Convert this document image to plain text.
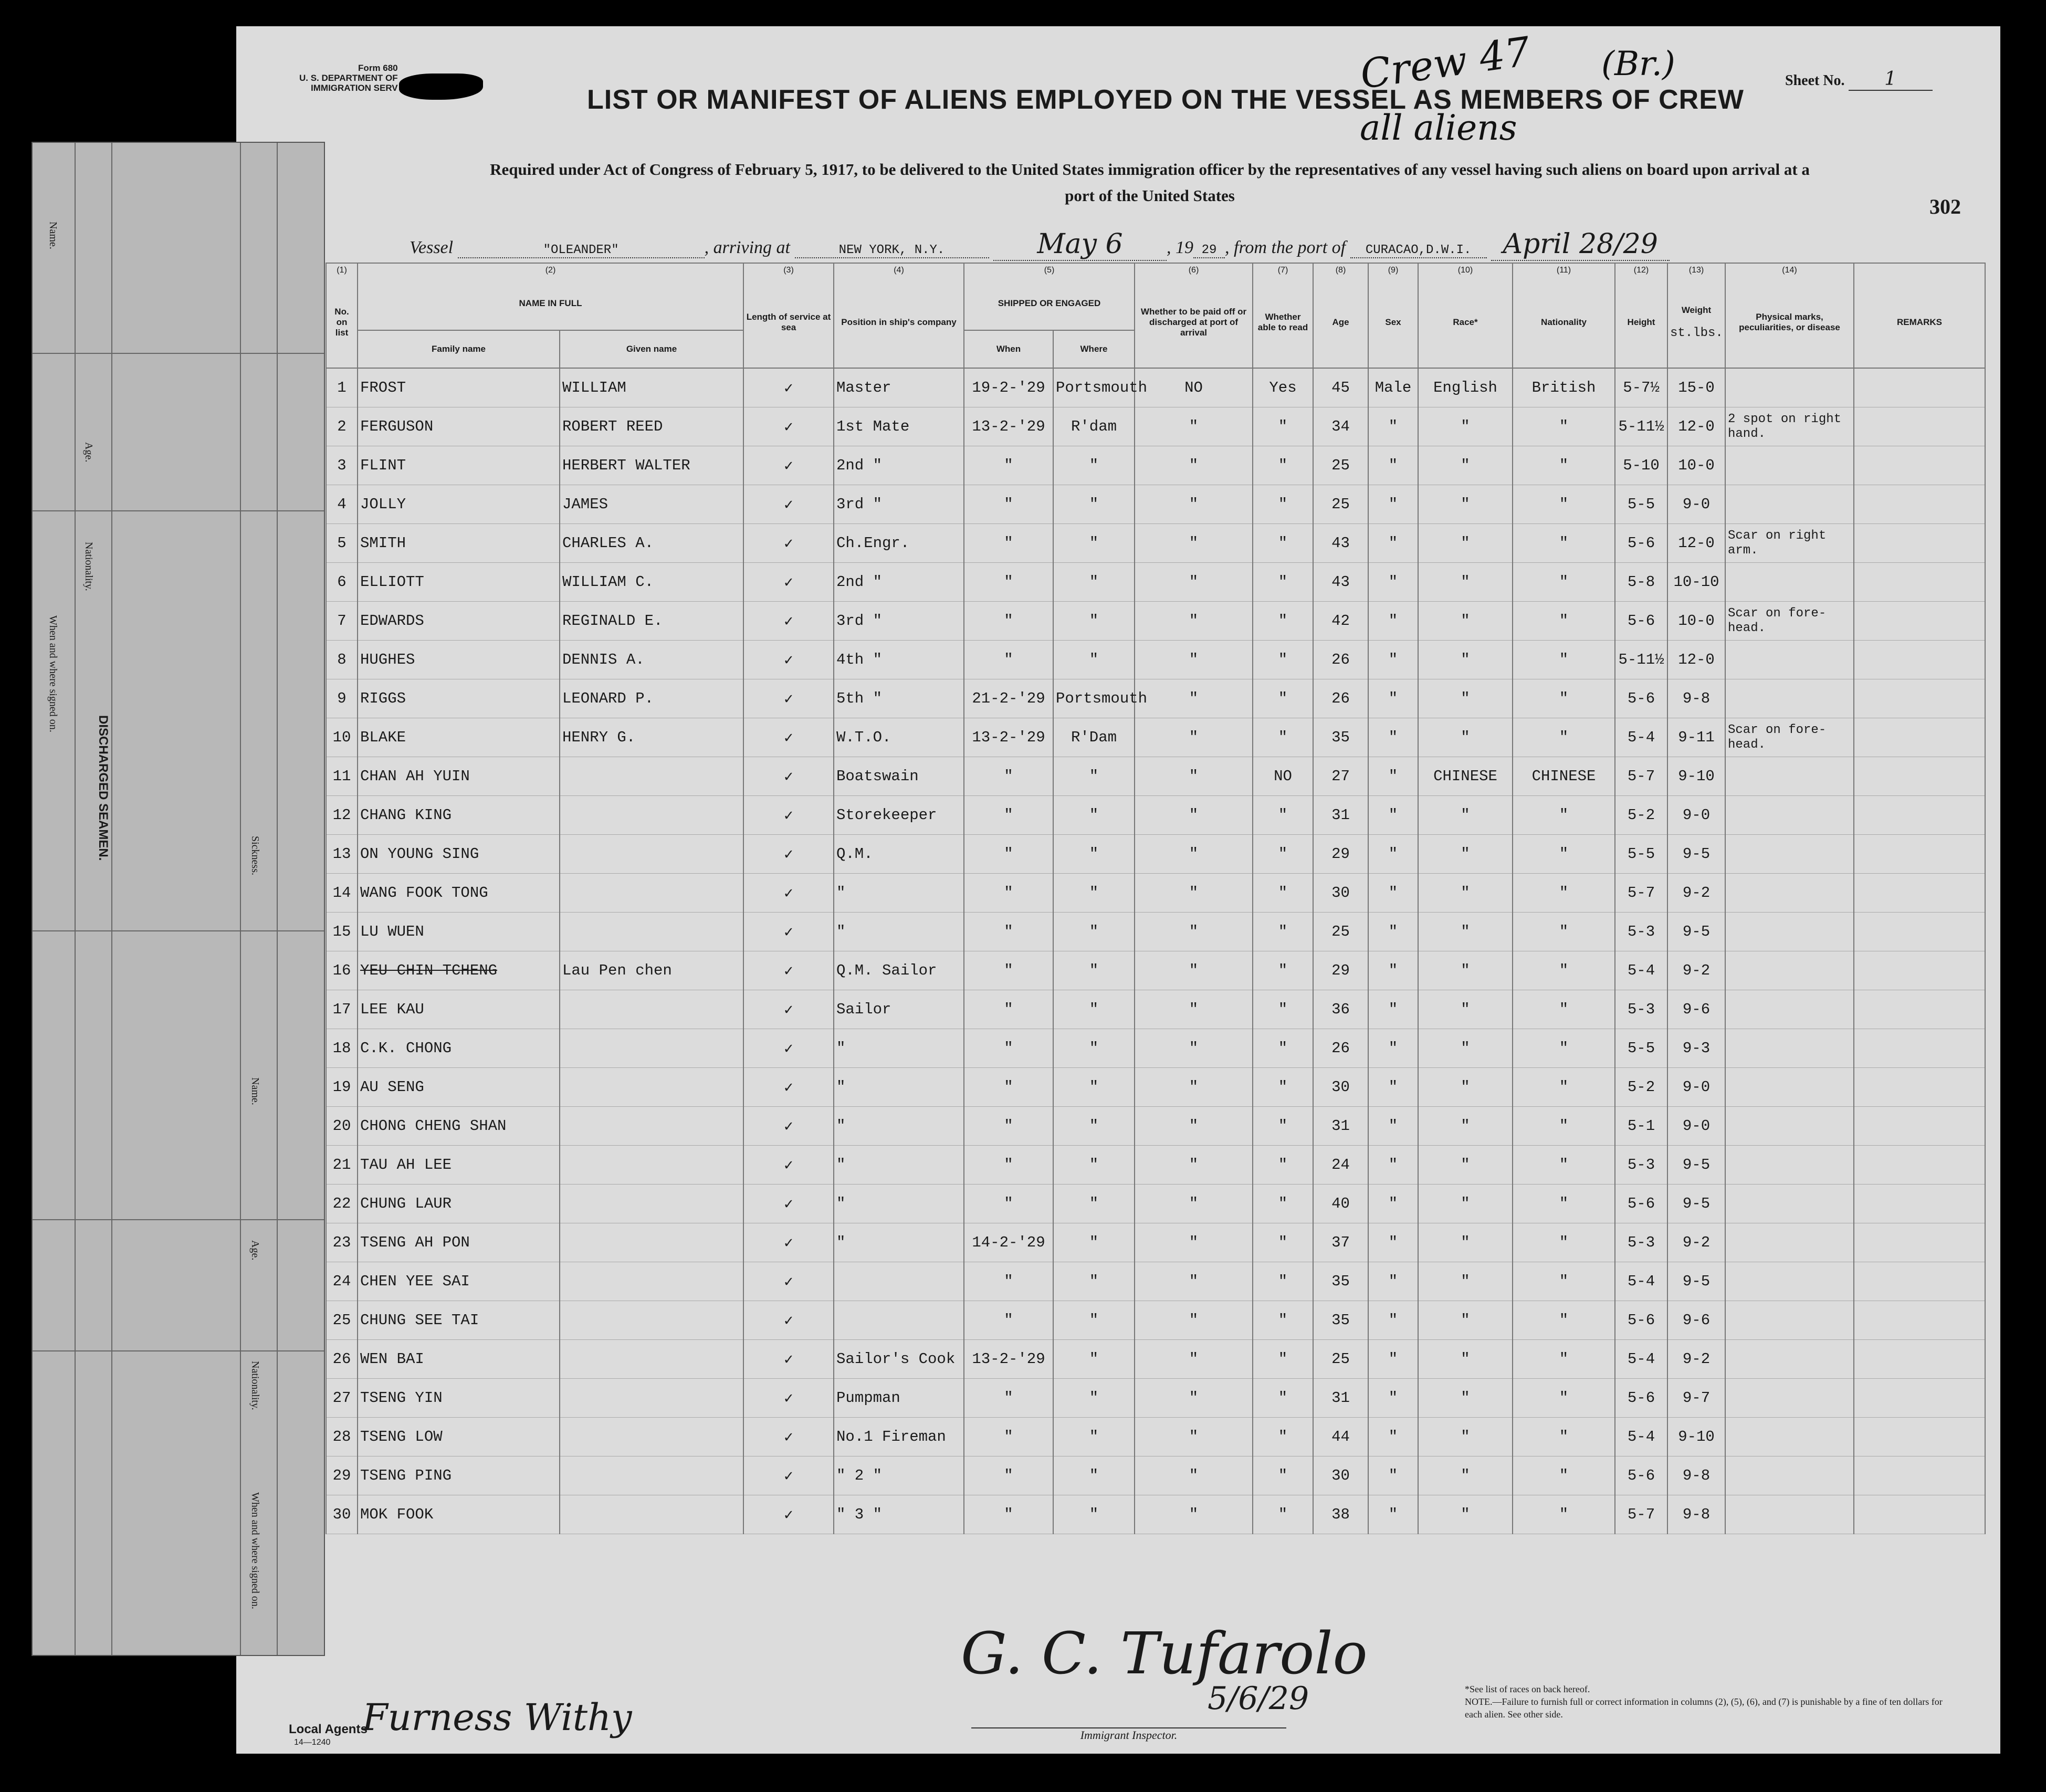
Form 680
U. S. DEPARTMENT OF
IMMIGRATION SERV	Crew 47 (Br.)
all aliens
Sheet No. 1
LIST OR MANIFEST OF ALIENS EMPLOYED ON THE VESSEL AS MEMBERS OF CREW
Required under Act of Congress of February 5, 1917, to be delivered to the United States immigration officer by the representatives of any vessel having such aliens on board upon arrival at a
port of the United States	302
Vessel	"OLEANDER"	, arriving at	NEW YORK, N.Y.	May 6 , 19 29 , from the port of CURACAO,D.W.I. April 28/29
(1)	(2)		(3)	(4)	(5)		(6)	(7)	(8)	(9)	(10)	(11)	(12)	(13)	(14)	
No. on list	NAME IN FULL		Length of service at sea	Position in ship's company	SHIPPED OR ENGAGED		Whether to be paid off or discharged at port of arrival	Whether able to read	Age	Sex	Race*	Nationality	Height	Weight

st.lbs.	Physical marks, peculiarities, or disease	REMARKS
	Family name	Given name			When	Where										
1	FROST	WILLIAM	✓	Master	19-2-'29	Portsmouth	NO	Yes	45	Male	English	British	5-7½	15-0		
2	FERGUSON	ROBERT REED	✓	1st Mate	13-2-'29	R'dam	"	"	34	"	"	"	5-11½	12-0	2 spot on right hand.	
3	FLINT	HERBERT WALTER	✓	2nd "	"	"	"	"	25	"	"	"	5-10	10-0		
4	JOLLY	JAMES	✓	3rd "	"	"	"	"	25	"	"	"	5-5	9-0		
5	SMITH	CHARLES A.	✓	Ch.Engr.	"	"	"	"	43	"	"	"	5-6	12-0	Scar on right arm.	
6	ELLIOTT	WILLIAM C.	✓	2nd "	"	"	"	"	43	"	"	"	5-8	10-10		
7	EDWARDS	REGINALD E.	✓	3rd "	"	"	"	"	42	"	"	"	5-6	10-0	Scar on fore- head.	
8	HUGHES	DENNIS A.	✓	4th "	"	"	"	"	26	"	"	"	5-11½	12-0		
9	RIGGS	LEONARD P.	✓	5th "	21-2-'29	Portsmouth	"	"	26	"	"	"	5-6	9-8		
10	BLAKE	HENRY G.	✓	W.T.O.	13-2-'29	R'Dam	"	"	35	"	"	"	5-4	9-11	Scar on fore- head.	
11	CHAN AH YUIN		✓	Boatswain	"	"	"	NO	27	"	CHINESE	CHINESE	5-7	9-10		
12	CHANG KING		✓	Storekeeper	"	"	"	"	31	"	"	"	5-2	9-0		
13	ON YOUNG SING		✓	Q.M.	"	"	"	"	29	"	"	"	5-5	9-5		
14	WANG FOOK TONG		✓	"	"	"	"	"	30	"	"	"	5-7	9-2		
15	LU WUEN		✓	"	"	"	"	"	25	"	"	"	5-3	9-5		
16	YEU CHIN TCHENG	Lau Pen chen	✓	Q.M. Sailor	"	"	"	"	29	"	"	"	5-4	9-2		
17	LEE KAU		✓	Sailor	"	"	"	"	36	"	"	"	5-3	9-6		
18	C.K. CHONG		✓	"	"	"	"	"	26	"	"	"	5-5	9-3		
19	AU SENG		✓	"	"	"	"	"	30	"	"	"	5-2	9-0		
20	CHONG CHENG SHAN		✓	"	"	"	"	"	31	"	"	"	5-1	9-0		
21	TAU AH LEE		✓	"	"	"	"	"	24	"	"	"	5-3	9-5		
22	CHUNG LAUR		✓	"	"	"	"	"	40	"	"	"	5-6	9-5		
23	TSENG AH PON		✓	"	14-2-'29	"	"	"	37	"	"	"	5-3	9-2		
24	CHEN YEE SAI		✓		"	"	"	"	35	"	"	"	5-4	9-5		
25	CHUNG SEE TAI		✓		"	"	"	"	35	"	"	"	5-6	9-6		
26	WEN BAI		✓	Sailor's Cook	13-2-'29	"	"	"	25	"	"	"	5-4	9-2		
27	TSENG YIN		✓	Pumpman	"	"	"	"	31	"	"	"	5-6	9-7		
28	TSENG LOW		✓	No.1 Fireman	"	"	"	"	44	"	"	"	5-4	9-10		
29	TSENG PING		✓	" 2 "	"	"	"	"	30	"	"	"	5-6	9-8		
30	MOK FOOK		✓	" 3 "	"	"	"	"	38	"	"	"	5-7	9-8		
G. C. Tufarolo
5/6/29
Immigrant Inspector.
Local Agents
Furness Withy
14—1240
*See list of races on back hereof.
NOTE.—Failure to furnish full or correct information in columns (2), (5), (6), and (7) is punishable by a fine of ten dollars for each alien. See other side.
DISCHARGED SEAMEN.
Name.
Age.
Nationality.
When and where signed on.
Sickness.
Name.
Age.
Nationality.
When and where signed on.
